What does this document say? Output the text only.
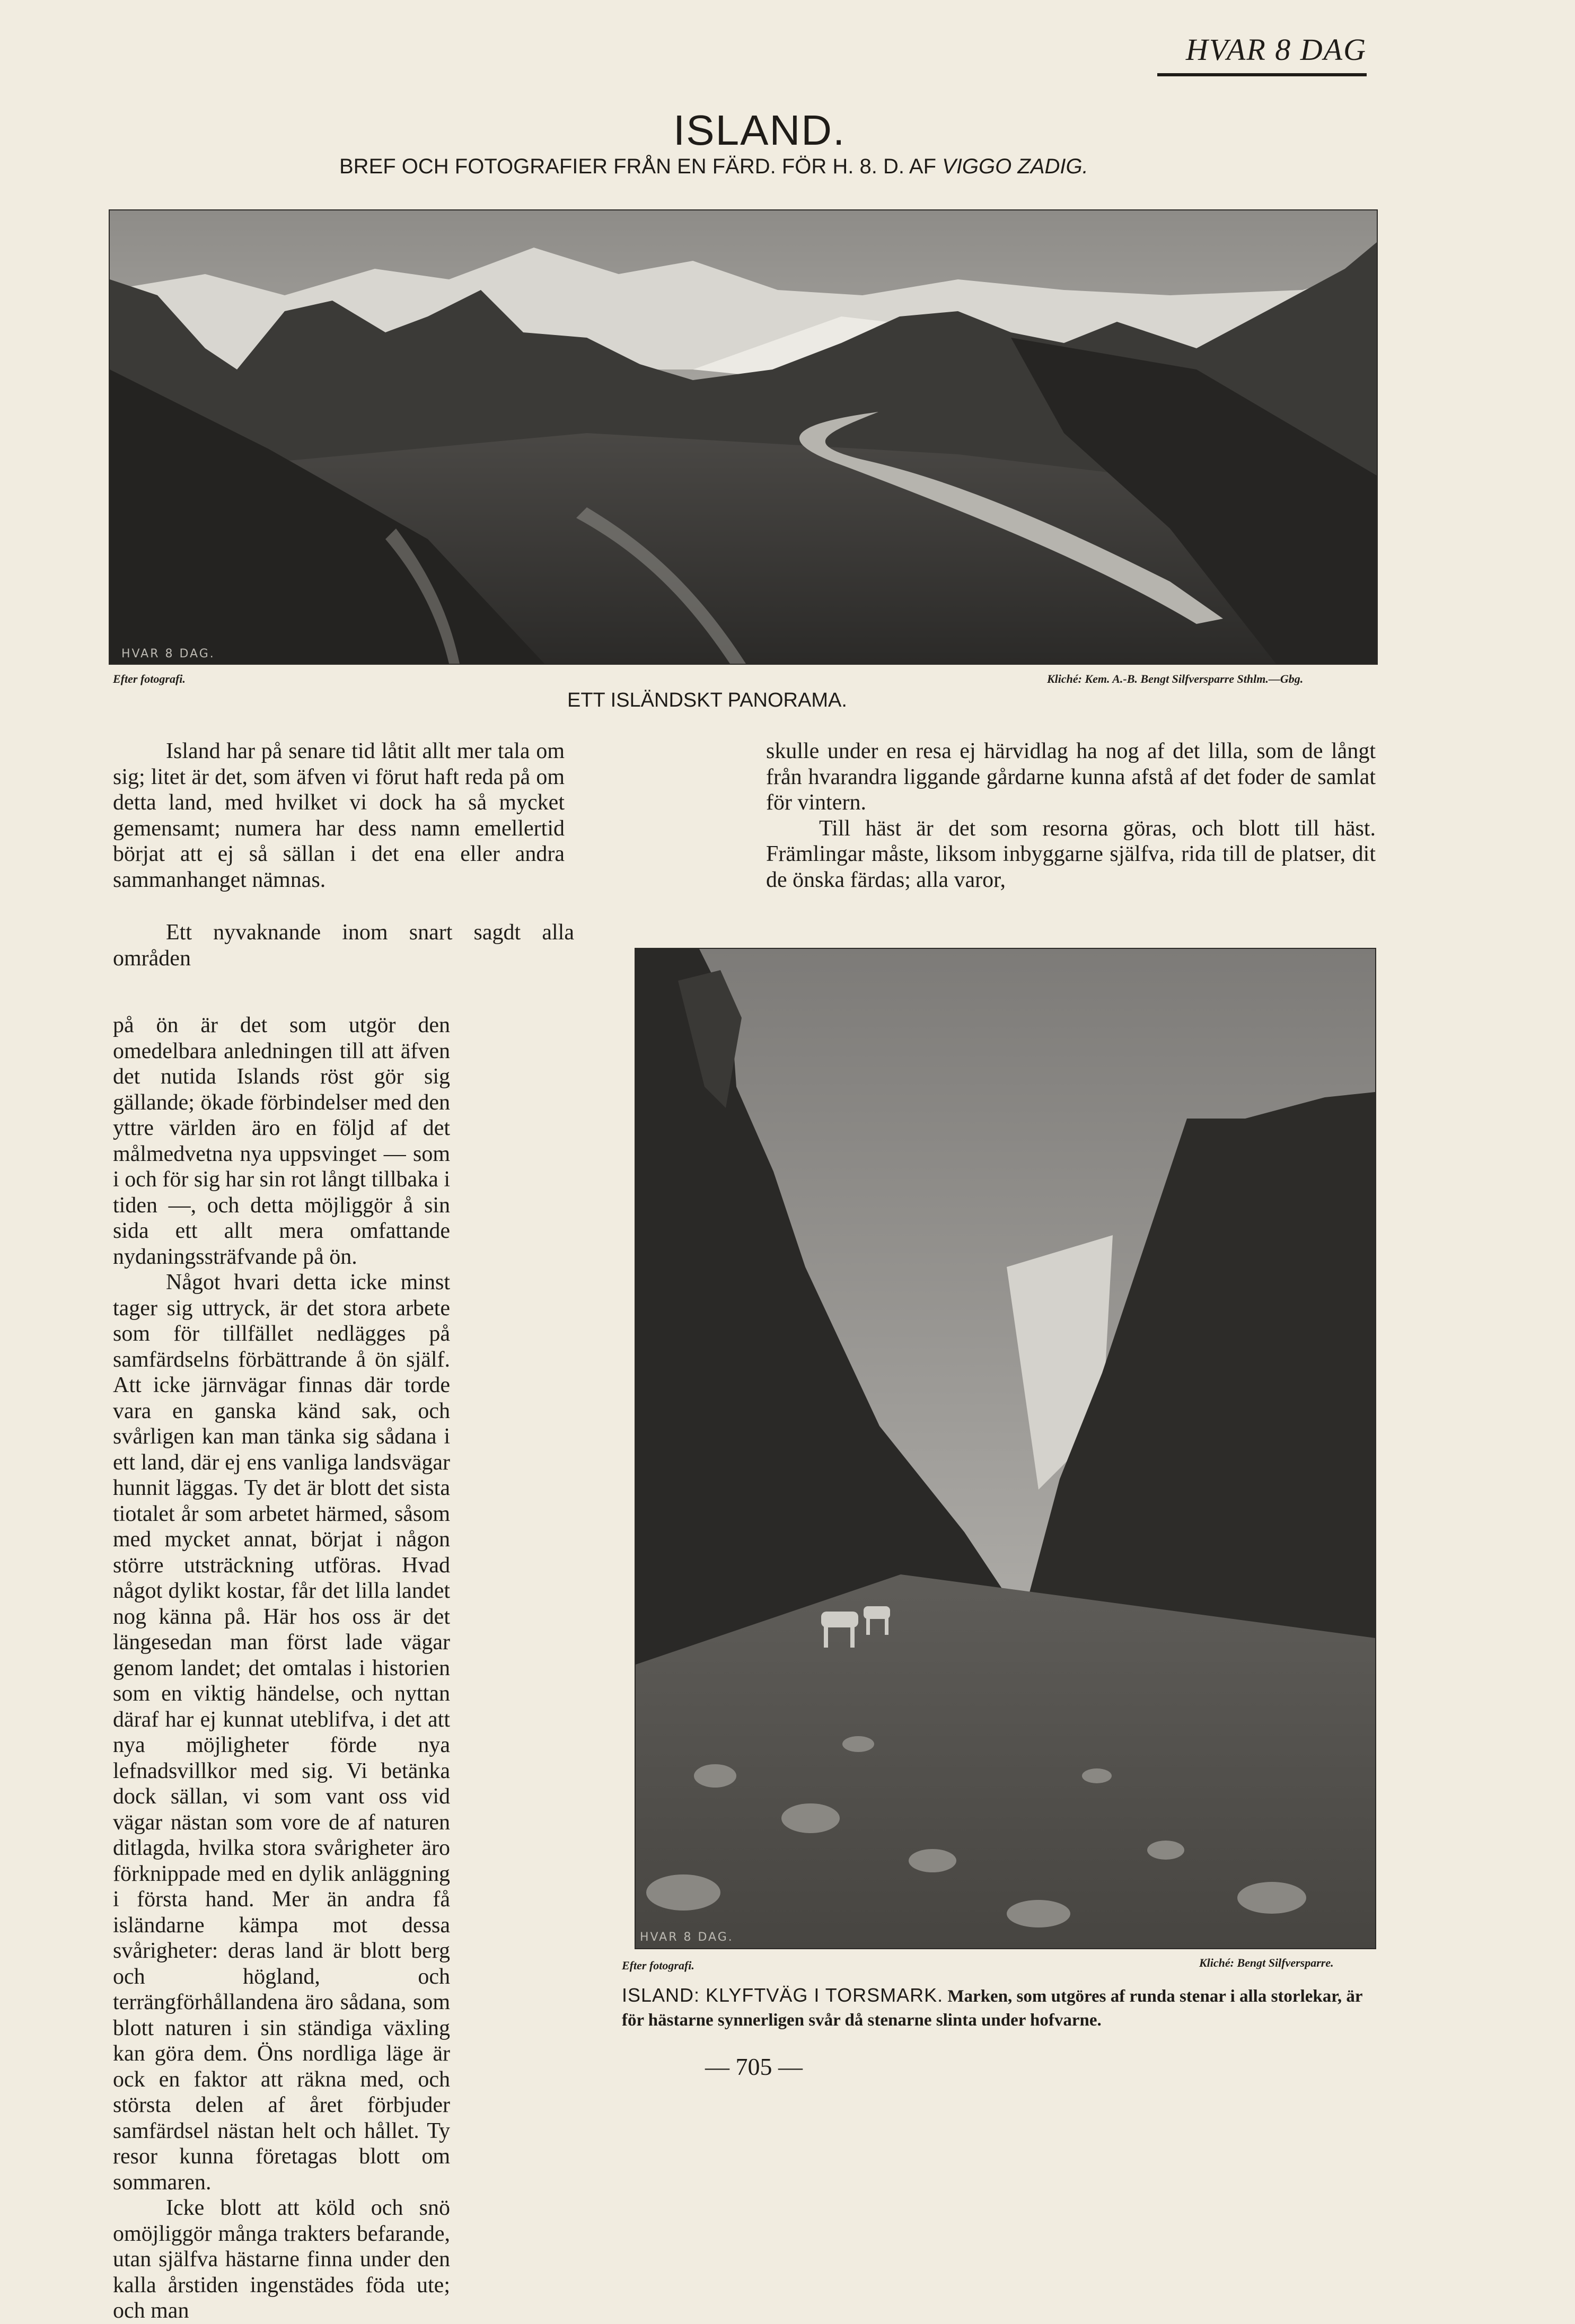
HVAR 8 DAG
ISLAND.
BREF OCH FOTOGRAFIER FRÅN EN FÄRD. FÖR H. 8. D. AF VIGGO ZADIG.
HVAR 8 DAG.
Efter fotografi.	Kliché: Kem. A.-B. Bengt Silfversparre Sthlm.—Gbg.
ETT ISLÄNDSKT PANORAMA.

Island har på senare tid låtit allt mer tala om sig; litet är det, som äfven vi förut haft reda på om detta land, med hvilket vi dock ha så mycket gemensamt; numera har dess namn emellertid börjat att ej så sällan i det ena eller andra sammanhanget nämnas.

Ett nyvaknande inom snart sagdt alla områden

på ön är det som utgör den omedelbara anledningen till att äfven det nutida Islands röst gör sig gällande; ökade förbindelser med den yttre världen äro en följd af det målmedvetna nya uppsvinget — som i och för sig har sin rot långt tillbaka i tiden —, och detta möjliggör å sin sida ett allt mera omfattande nydaningssträfvande på ön.

Något hvari detta icke minst tager sig uttryck, är det stora arbete som för tillfället nedlägges på samfärdselns förbättrande å ön själf. Att icke järnvägar finnas där torde vara en ganska känd sak, och svårligen kan man tänka sig sådana i ett land, där ej ens vanliga landsvägar hunnit läggas. Ty det är blott det sista tiotalet år som arbetet härmed, såsom med mycket annat, börjat i någon större utsträckning utföras. Hvad något dylikt kostar, får det lilla landet nog känna på. Här hos oss är det längesedan man först lade vägar genom landet; det omtalas i historien som en viktig händelse, och nyttan däraf har ej kunnat uteblifva, i det att nya möjligheter förde nya lefnadsvillkor med sig. Vi betänka dock sällan, vi som vant oss vid vägar nästan som vore de af naturen ditlagda, hvilka stora svårigheter äro förknippade med en dylik anläggning i första hand. Mer än andra få isländarne kämpa mot dessa svårigheter: deras land är blott berg och högland, och terrängförhållandena äro sådana, som blott naturen i sin ständiga växling kan göra dem. Öns nordliga läge är ock en faktor att räkna med, och största delen af året förbjuder samfärdsel nästan helt och hållet. Ty resor kunna företagas blott om sommaren.

Icke blott att köld och snö omöjliggör många trakters befarande, utan själfva hästarne finna under den kalla årstiden ingenstädes föda ute; och man

skulle under en resa ej härvidlag ha nog af det lilla, som de långt från hvarandra liggande gårdarne kunna afstå af det foder de samlat för vintern.

Till häst är det som resorna göras, och blott till häst. Främlingar måste, liksom inbyggarne själfva, rida till de platser, dit de önska färdas; alla varor,

HVAR 8 DAG.
Efter fotografi.	Kliché: Bengt Silfversparre.
ISLAND: KLYFTVÄG I TORSMARK. Marken, som utgöres af runda stenar i alla storlekar, är för hästarne synnerligen svår då stenarne slinta under hofvarne.
— 705 —
